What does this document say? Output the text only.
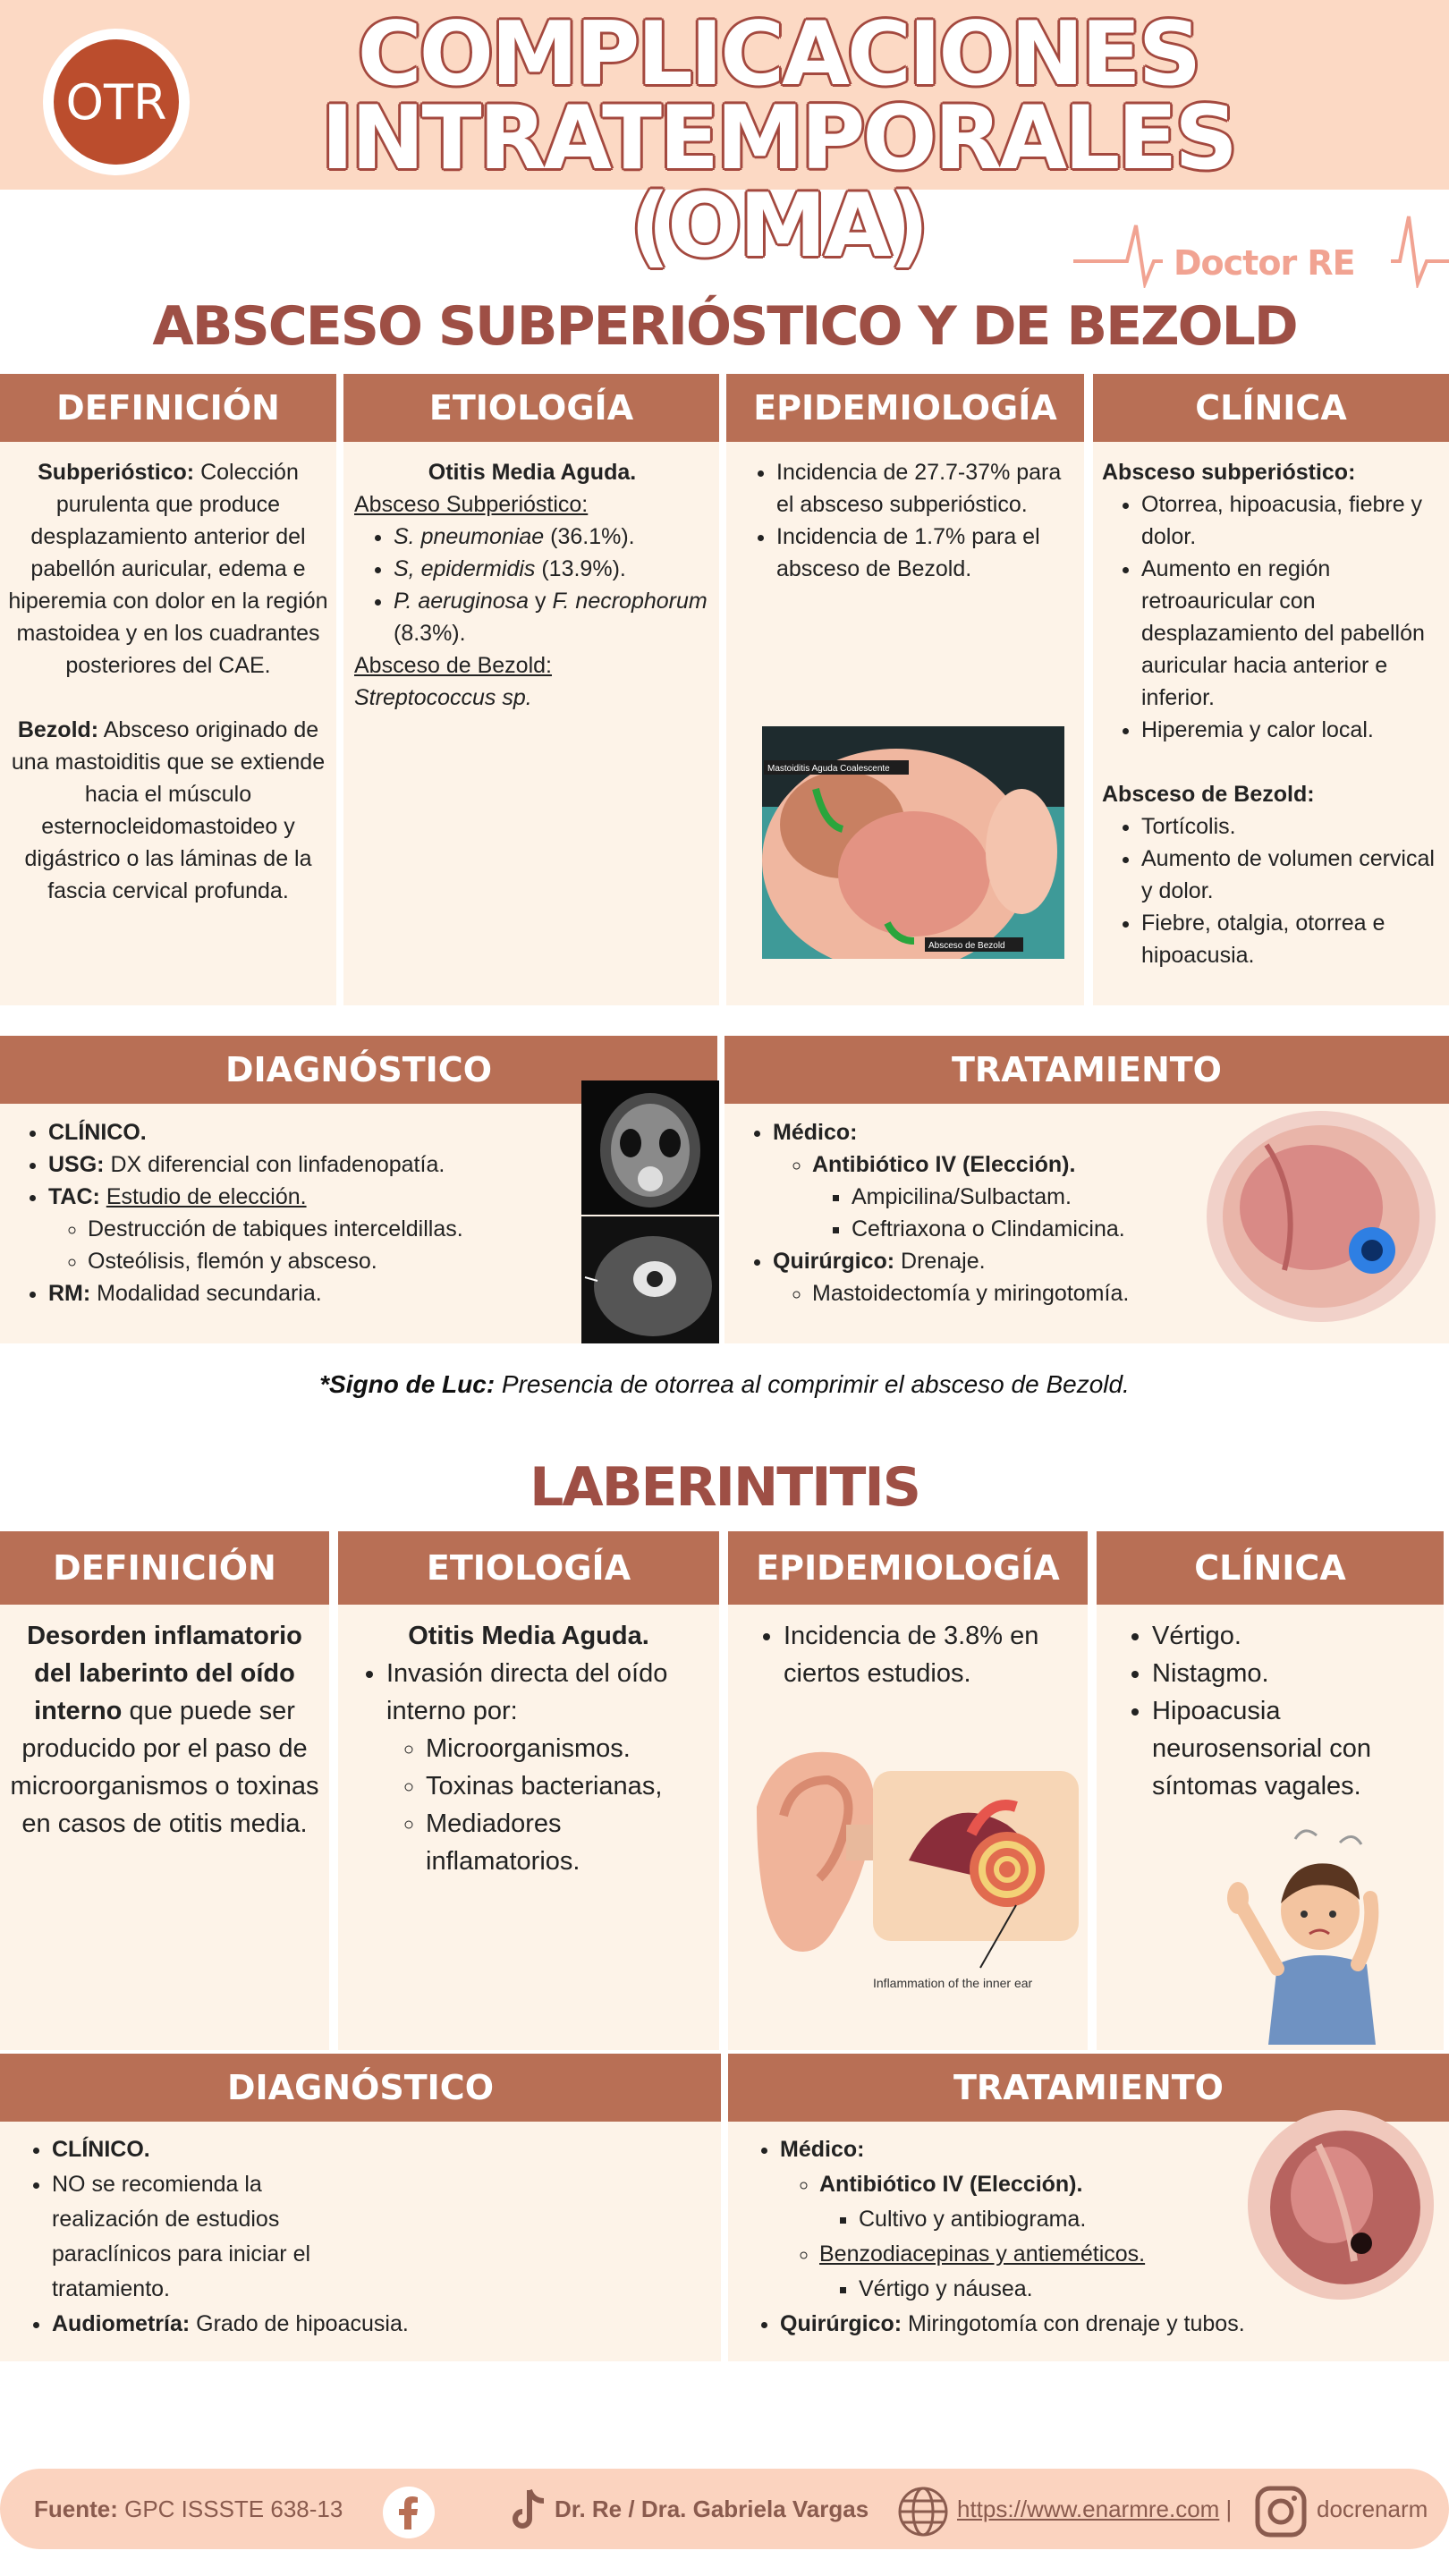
OTR	COMPLICACIONES
INTRATEMPORALES (OMA)	Doctor RE
ABSCESO SUBPERIÓSTICO Y DE BEZOLD
DEFINICIÓN	ETIOLOGÍA	EPIDEMIOLOGÍA	CLÍNICA
Subperióstico: Colección purulenta que produce desplazamiento anterior del pabellón auricular, edema e hiperemia con dolor en la región mastoidea y en los cuadrantes posteriores del CAE.
Bezold: Absceso originado de una mastoiditis que se extiende hacia el músculo esternocleidomastoideo y digástrico o las láminas de la fascia cervical profunda.
Otitis Media Aguda.
Absceso Subperióstico:
• S. pneumoniae (36.1%).
• S, epidermidis (13.9%).
• P. aeruginosa y F. necrophorum (8.3%).
Absceso de Bezold:
Streptococcus sp.
• Incidencia de 27.7-37% para el absceso subperióstico.
• Incidencia de 1.7% para el absceso de Bezold.
Mastoiditis Aguda Coalescente
Absceso de Bezold
Absceso subperióstico:
• Otorrea, hipoacusia, fiebre y dolor.
• Aumento en región retroauricular con desplazamiento del pabellón auricular hacia anterior e inferior.
• Hiperemia y calor local.
Absceso de Bezold:
• Tortícolis.
• Aumento de volumen cervical y dolor.
• Fiebre, otalgia, otorrea e hipoacusia.
DIAGNÓSTICO	TRATAMIENTO
• CLÍNICO.
• USG: DX diferencial con linfadenopatía.
• TAC: Estudio de elección.
◦ Destrucción de tabiques interceldillas.
◦ Osteólisis, flemón y absceso.
• RM: Modalidad secundaria.
• Médico:
◦ Antibiótico IV (Elección).
▪ Ampicilina/Sulbactam.
▪ Ceftriaxona o Clindamicina.
• Quirúrgico: Drenaje.
◦ Mastoidectomía y miringotomía.
*Signo de Luc: Presencia de otorrea al comprimir el absceso de Bezold.
LABERINTITIS
DEFINICIÓN	ETIOLOGÍA	EPIDEMIOLOGÍA	CLÍNICA
Desorden inflamatorio del laberinto del oído interno que puede ser producido por el paso de microorganismos o toxinas en casos de otitis media.
Otitis Media Aguda.
• Invasión directa del oído interno por:
◦ Microorganismos.
◦ Toxinas bacterianas,
◦ Mediadores inflamatorios.
• Incidencia de 3.8% en ciertos estudios.
Inflammation of the inner ear
• Vértigo.
• Nistagmo.
• Hipoacusia neurosensorial con síntomas vagales.
DIAGNÓSTICO	TRATAMIENTO
• CLÍNICO.
• NO se recomienda la realización de estudios paraclínicos para iniciar el tratamiento.
• Audiometría: Grado de hipoacusia.
• Médico:
◦ Antibiótico IV (Elección).
▪ Cultivo y antibiograma.
◦ Benzodiacepinas y antieméticos.
▪ Vértigo y náusea.
• Quirúrgico: Miringotomía con drenaje y tubos.
Fuente: GPC ISSSTE 638-13	Dr. Re / Dra. Gabriela Vargas	https://www.enarmre.com |	docrenarm
